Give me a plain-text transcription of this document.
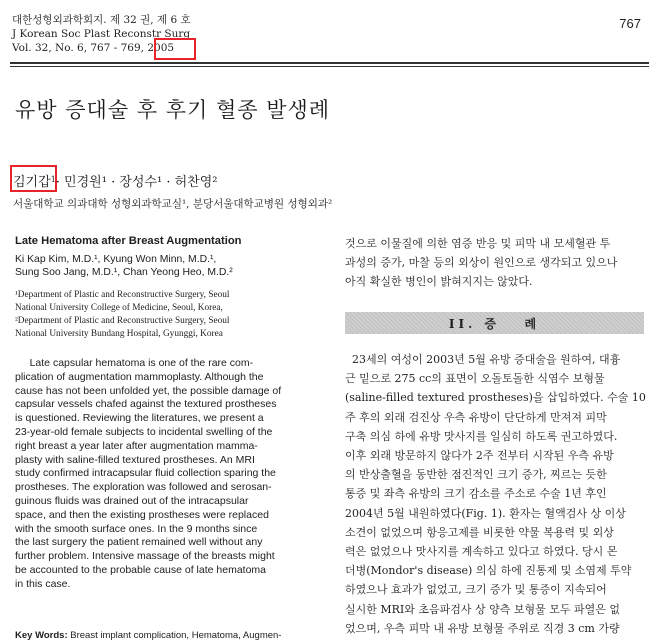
대한성형외과학회지. 제 32 권, 제 6 호
J Korean Soc Plast Reconstr Surg
Vol. 32, No. 6, 767 - 769, 2005
767
유방 증대술 후 후기 혈종 발생례
김기갑$^1$· 민경원¹ · 장성수¹ · 허찬영²
서울대학교 의과대학 성형외과학교실¹, 분당서울대학교병원 성형외과²
Late Hematoma after Breast Augmentation
Ki Kap Kim, M.D.¹, Kyung Won Minn, M.D.¹,
Sung Soo Jang, M.D.¹, Chan Yeong Heo, M.D.²
¹Department of Plastic and Reconstructive Surgery, Seoul
National University College of Medicine, Seoul, Korea,
²Department of Plastic and Reconstructive Surgery, Seoul
National University Bundang Hospital, Gyunggi, Korea
Late capsular hematoma is one of the rare com-
plication of augmentation mammoplasty. Although the
cause has not been unfolded yet, the possible damage of
capsular vessels chafed against the textured prostheses
is questioned. Reviewing the literatures, we present a
23-year-old female subjects to incidental swelling of the
right breast a year later after augmentation mamma-
plasty with saline-filled textured prostheses. An MRI
study confirmed intracapsular fluid collection sparing the
prostheses. The exploration was followed and serosan-
guinous fluids was drained out of the intracapsular
space, and then the existing prostheses were replaced
with the smooth surface ones. In the 9 months since
the last surgery the patient remained well without any
further problem. Intensive massage of the breasts might
be accounted to the probable cause of late hematoma
in this case.
Key Words: Breast implant complication, Hematoma, Augmen-
것으로 이물질에 의한 염증 반응 및 피막 내 모세혈관 투
과성의 증가, 마찰 등의 외상이 원인으로 생각되고 있으나
아직 확실한 병인이 밝혀지지는 않았다.
II. 증   례
23세의 여성이 2003년 5월 유방 증대술을 원하여, 대흉
근 밑으로 275 cc의 표면이 오돌토돌한 식염수 보형물
(saline-filled textured prostheses)을 삽입하였다. 수술 10
주 후의 외래 검진상 우측 유방이 단단하게 만져져 피막
구축 의심 하에 유방 맛사지를 일심히 하도록 권고하였다.
이후 외래 방문하지 않다가 2주 전부터 시작된 우측 유방
의 반상출혈을 동반한 점진적인 크기 증가, 찌르는 듯한
통증 및 좌측 유방의 크기 감소를 주소로 수술 1년 후인
2004년 5월 내원하였다(Fig. 1). 환자는 혈액검사 상 이상
소견이 없었으며 항응고제를 비롯한 약물 복용력 및 외상
력은 없었으나 맛사지를 계속하고 있다고 하였다. 당시 몬
더병(Mondor's disease) 의심 하에 진통제 및 소염제 투약
하였으나 효과가 없었고, 크기 증가 및 통증이 지속되어
실시한 MRI와 초음파검사 상 양측 보형물 모두 파열은 없
었으며, 우측 피막 내 유방 보형물 주위로 직경 3 cm 가량
